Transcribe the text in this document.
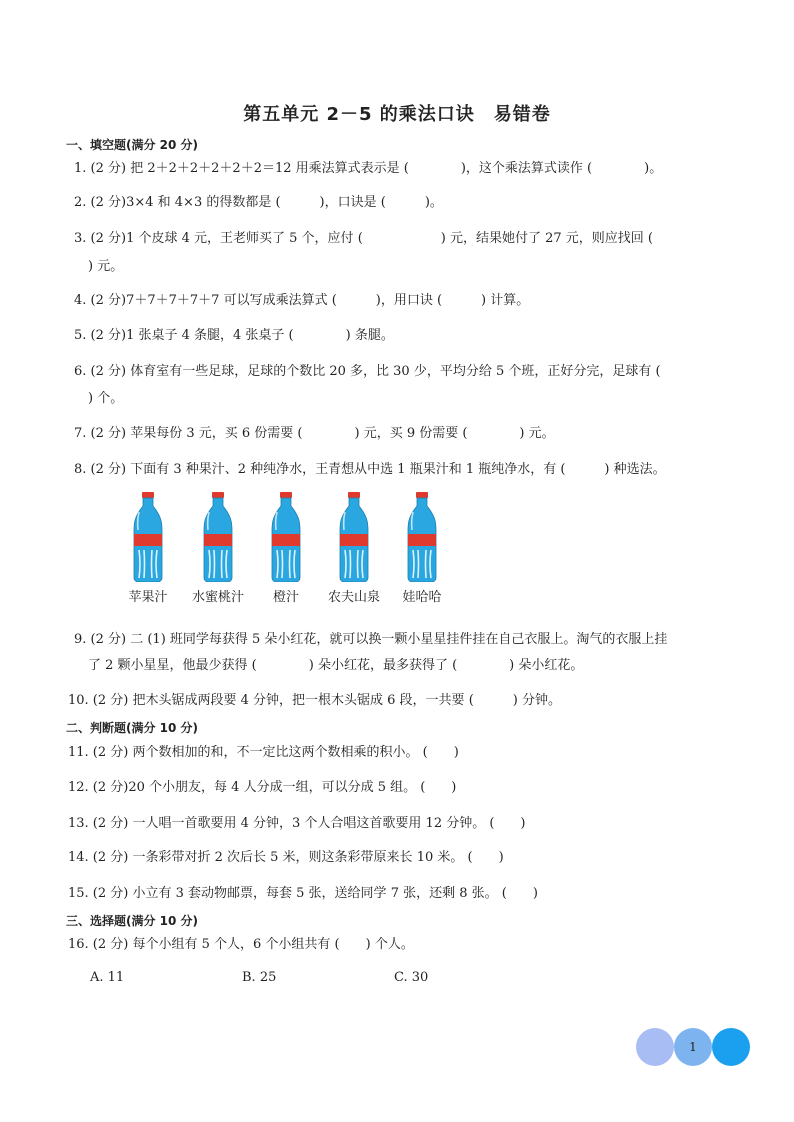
第五单元 2－5 的乘法口诀　易错卷
一、填空题(满分 20 分)
1. (2 分) 把 2＋2＋2＋2＋2＋2＝12 用乘法算式表示是 (　　　　)，这个乘法算式读作 (　　　　)。
2. (2 分)3×4 和 4×3 的得数都是 (　　　)，口诀是 (　　　)。
3. (2 分)1 个皮球 4 元，王老师买了 5 个，应付 (　　　　　　) 元，结果她付了 27 元，则应找回 (
) 元。
4. (2 分)7＋7＋7＋7＋7 可以写成乘法算式 (　　　)，用口诀 (　　　) 计算。
5. (2 分)1 张桌子 4 条腿，4 张桌子 (　　　　) 条腿。
6. (2 分) 体育室有一些足球，足球的个数比 20 多，比 30 少，平均分给 5 个班，正好分完，足球有 (
) 个。
7. (2 分) 苹果每份 3 元，买 6 份需要 (　　　　) 元，买 9 份需要 (　　　　) 元。
8. (2 分) 下面有 3 种果汁、2 种纯净水，王青想从中选 1 瓶果汁和 1 瓶纯净水，有 (　　　) 种选法。
苹果汁	水蜜桃汁	橙汁	农夫山泉	娃哈哈
9. (2 分) 二 (1) 班同学每获得 5 朵小红花，就可以换一颗小星星挂件挂在自己衣服上。淘气的衣服上挂
了 2 颗小星星，他最少获得 (　　　　) 朵小红花，最多获得了 (　　　　) 朵小红花。
10. (2 分) 把木头锯成两段要 4 分钟，把一根木头锯成 6 段，一共要 (　　　) 分钟。
二、判断题(满分 10 分)
11. (2 分) 两个数相加的和，不一定比这两个数相乘的积小。 (　　)
12. (2 分)20 个小朋友，每 4 人分成一组，可以分成 5 组。 (　　)
13. (2 分) 一人唱一首歌要用 4 分钟，3 个人合唱这首歌要用 12 分钟。 (　　)
14. (2 分) 一条彩带对折 2 次后长 5 米，则这条彩带原来长 10 米。 (　　)
15. (2 分) 小立有 3 套动物邮票，每套 5 张，送给同学 7 张，还剩 8 张。 (　　)
三、选择题(满分 10 分)
16. (2 分) 每个小组有 5 个人，6 个小组共有 (　　) 个人。
A. 11	B. 25	C. 30
1
